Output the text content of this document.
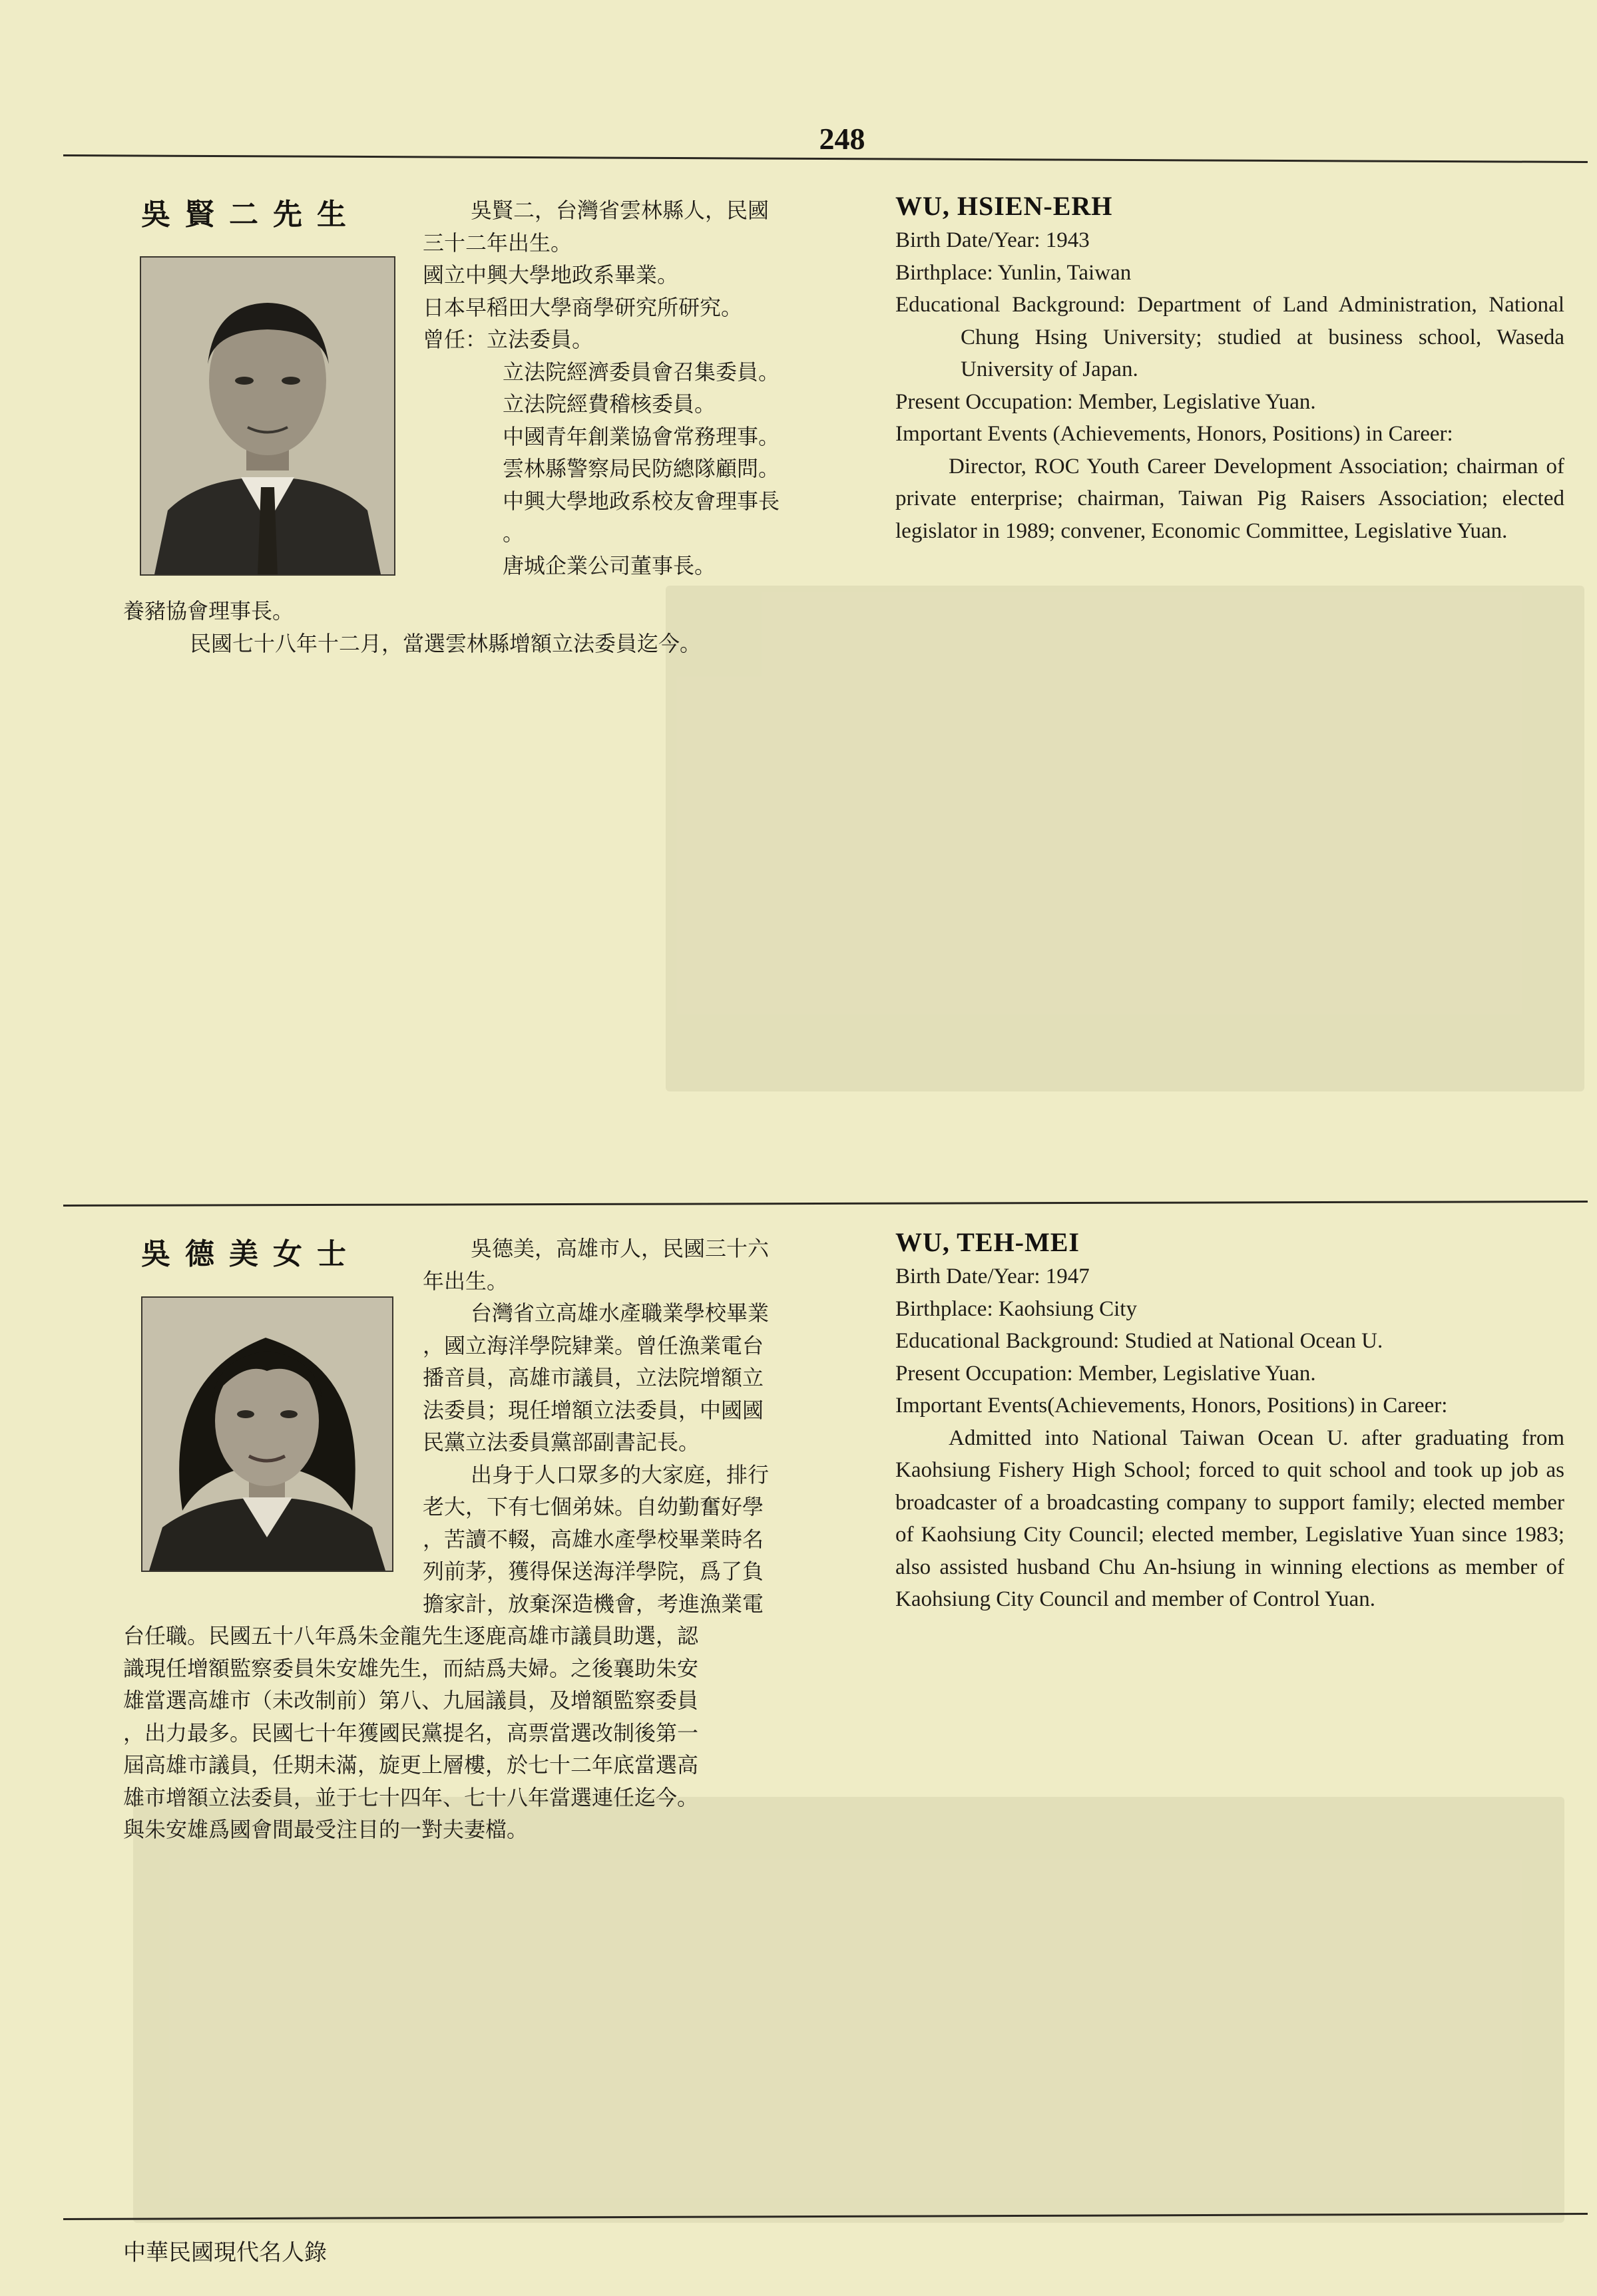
248
吳賢二先生	吳賢二，台灣省雲林縣人，民國

三十二年出生。

國立中興大學地政系畢業。

日本早稻田大學商學研究所研究。

曾任：立法委員。

立法院經濟委員會召集委員。

立法院經費稽核委員。

中國青年創業協會常務理事。

雲林縣警察局民防總隊顧問。

中興大學地政系校友會理事長

。

唐城企業公司董事長。

養豬協會理事長。

民國七十八年十二月，當選雲林縣增額立法委員迄今。

WU, HSIEN-ERH

Birth Date/Year: 1943

Birthplace: Yunlin, Taiwan

Educational Background: Department of Land Administration, National Chung Hsing University; studied at business school, Waseda University of Japan.

Present Occupation: Member, Legislative Yuan.

Important Events (Achievements, Honors, Positions) in Career:

Director, ROC Youth Career Development Association; chairman of private enterprise; chairman, Taiwan Pig Raisers Association; elected legislator in 1989; convener, Economic Committee, Legislative Yuan.

吳德美女士	吳德美，高雄市人，民國三十六

年出生。

台灣省立高雄水產職業學校畢業

，國立海洋學院肄業。曾任漁業電台

播音員，高雄市議員，立法院增額立

法委員；現任增額立法委員，中國國

民黨立法委員黨部副書記長。

出身于人口眾多的大家庭，排行

老大，下有七個弟妹。自幼勤奮好學

，苦讀不輟，高雄水產學校畢業時名

列前茅，獲得保送海洋學院，爲了負

擔家計，放棄深造機會，考進漁業電

台任職。民國五十八年爲朱金龍先生逐鹿高雄市議員助選，認

識現任增額監察委員朱安雄先生，而結爲夫婦。之後襄助朱安

雄當選高雄市（未改制前）第八、九屆議員，及增額監察委員

，出力最多。民國七十年獲國民黨提名，高票當選改制後第一

屆高雄市議員，任期未滿，旋更上層樓，於七十二年底當選高

雄市增額立法委員，並于七十四年、七十八年當選連任迄今。

與朱安雄爲國會間最受注目的一對夫妻檔。

WU, TEH-MEI

Birth Date/Year: 1947

Birthplace: Kaohsiung City

Educational Background: Studied at National Ocean U.

Present Occupation: Member, Legislative Yuan.

Important Events(Achievements, Honors, Positions) in Career:

Admitted into National Taiwan Ocean U. after graduating from Kaohsiung Fishery High School; forced to quit school and took up job as broadcaster of a broadcasting company to support family; elected member of Kaohsiung City Council; elected member, Legislative Yuan since 1983; also assisted husband Chu An-hsiung in winning elections as member of Kaohsiung City Council and member of Control Yuan.

中華民國現代名人錄
